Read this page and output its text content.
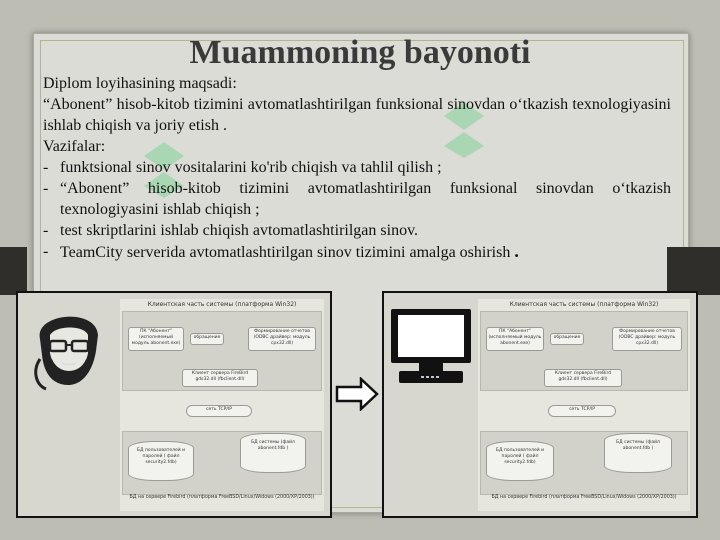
Muammoning bayonoti

Diplom loyihasining maqsadi:

“Abonent” hisob-kitob tizimini avtomatlashtirilgan funksional sinovdan o‘tkazish texnologiyasini ishlab chiqish va joriy etish .

Vazifalar:

- funktsional sinov vositalarini ko'rib chiqish va tahlil qilish ;

- “Abonent” hisob-kitob tizimini avtomatlashtirilgan funksional sinovdan o‘tkazish texnologiyasini ishlab chiqish ;

- test skriptlarini ishlab chiqish avtomatlashtirilgan sinov.

- TeamCity serverida avtomatlashtirilgan sinov tizimini amalga oshirish .

Клиентская часть системы (платформа Win32)
ПК "Абонент" (исполняемый модуль abonent.exe)
обращение
Формирование отчетов (ODBC драйвер: модуль cpx32.dll)
Клиент сервера FireBird gds32.dll (fbclient.dll)
сеть TCP/IP
БД пользователей и паролей ( файл security2.fdb)
БД системы (файл abonent.fdb )
БД на сервере Firebird (платформа FreeBSD/Linux/Widows (2000/XP/2003))
Клиентская часть системы (платформа Win32)
ПК "Абонент" (исполняемый модуль abonent.exe)
обращение
Формирование отчетов (ODBC драйвер: модуль cpx32.dll)
Клиент сервера FireBird gds32.dll (fbclient.dll)
сеть TCP/IP
БД пользователей и паролей ( файл security2.fdb)
БД системы (файл abonent.fdb )
БД на сервере Firebird (платформа FreeBSD/Linux/Widows (2000/XP/2003))
